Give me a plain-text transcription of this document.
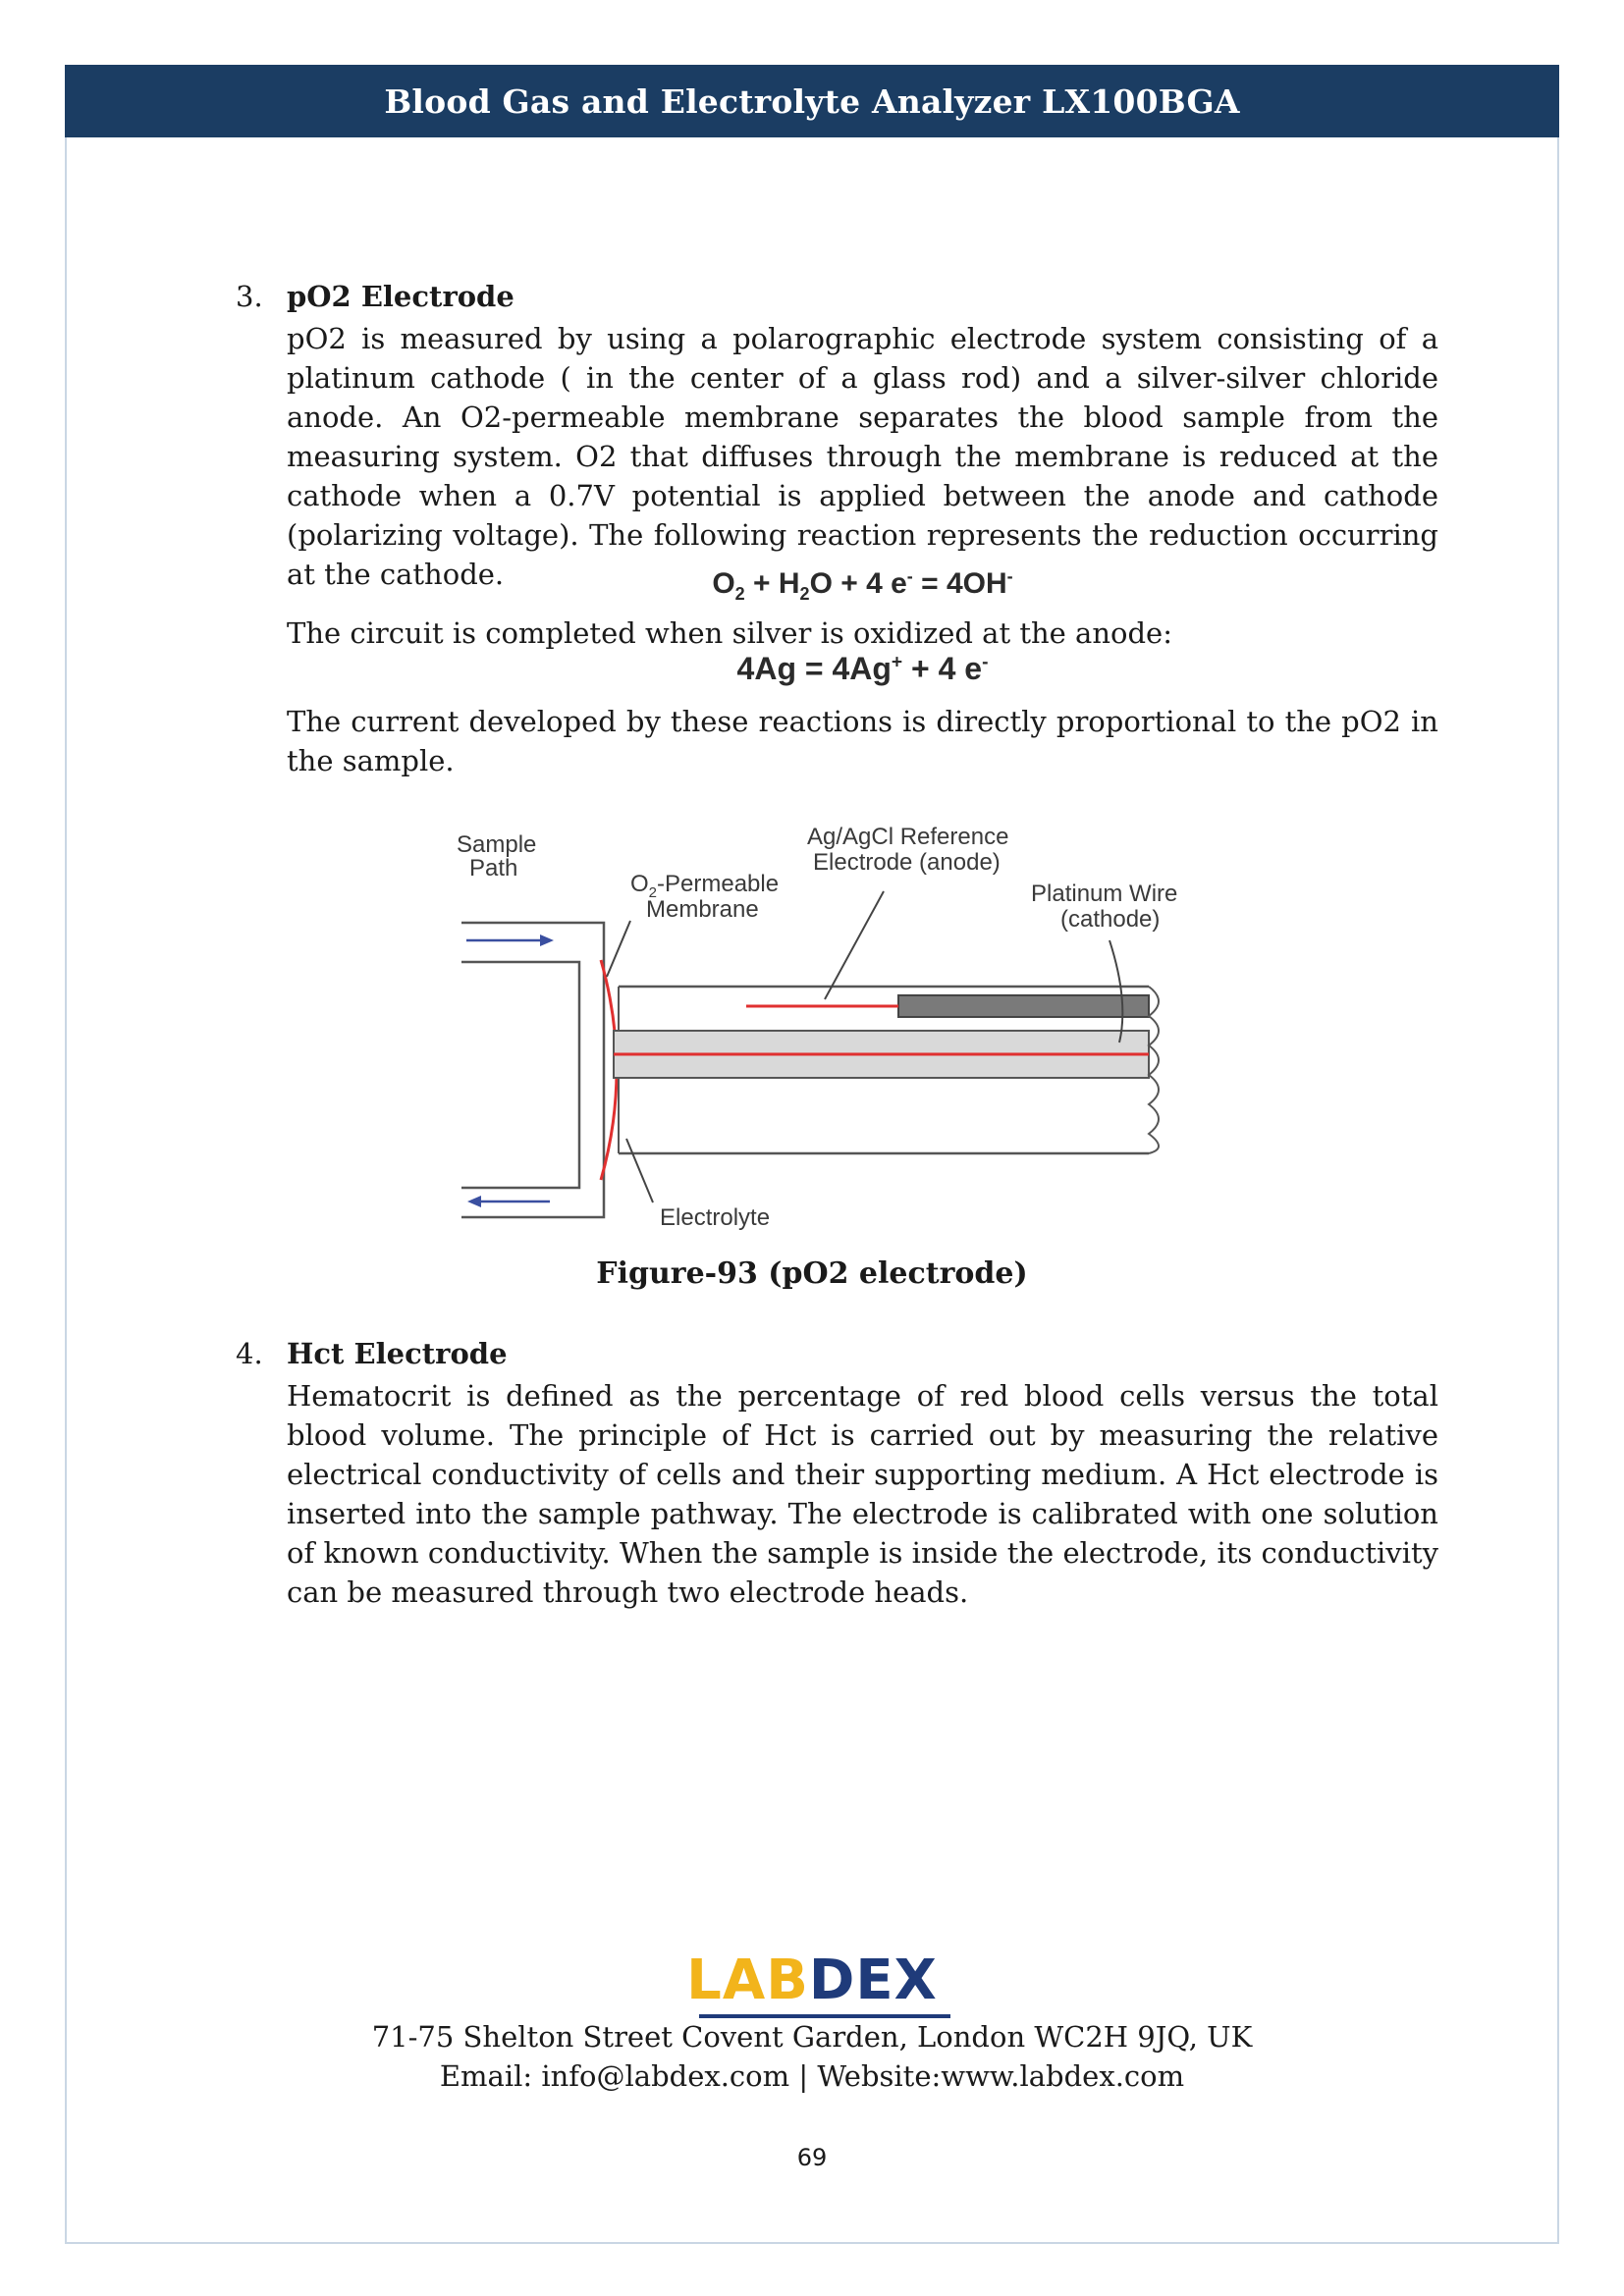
Blood Gas and Electrolyte Analyzer LX100BGA
3. pO2 Electrode

pO2 is measured by using a polarographic electrode system consisting of a platinum cathode ( in the center of a glass rod) and a silver-silver chloride anode. An O2-permeable membrane separates the blood sample from the measuring system. O2 that diffuses through the membrane is reduced at the cathode when a 0.7V potential is applied between the anode and cathode (polarizing voltage). The following reaction represents the reduction occurring at the cathode.	$O_2 + H_2O + 4$ e- = 4OH-

The circuit is completed when silver is oxidized at the anode:

4Ag = 4Ag+ + 4 e-

The current developed by these reactions is directly proportional to the pO2 in the sample.

Sample
Path
$O_2$-Permeable
Membrane
Ag/AgCl Reference
Electrode (anode)
Platinum Wire
(cathode)
Electrolyte
Figure-93 (pO2 electrode)
4. Hct Electrode

Hematocrit is defined as the percentage of red blood cells versus the total blood volume. The principle of Hct is carried out by measuring the relative electrical conductivity of cells and their supporting medium. A Hct electrode is inserted into the sample pathway. The electrode is calibrated with one solution of known conductivity. When the sample is inside the electrode, its conductivity can be measured through two electrode heads.

LABDEX
71-75 Shelton Street Covent Garden, London WC2H 9JQ, UK
Email: info@labdex.com | Website:www.labdex.com
69
